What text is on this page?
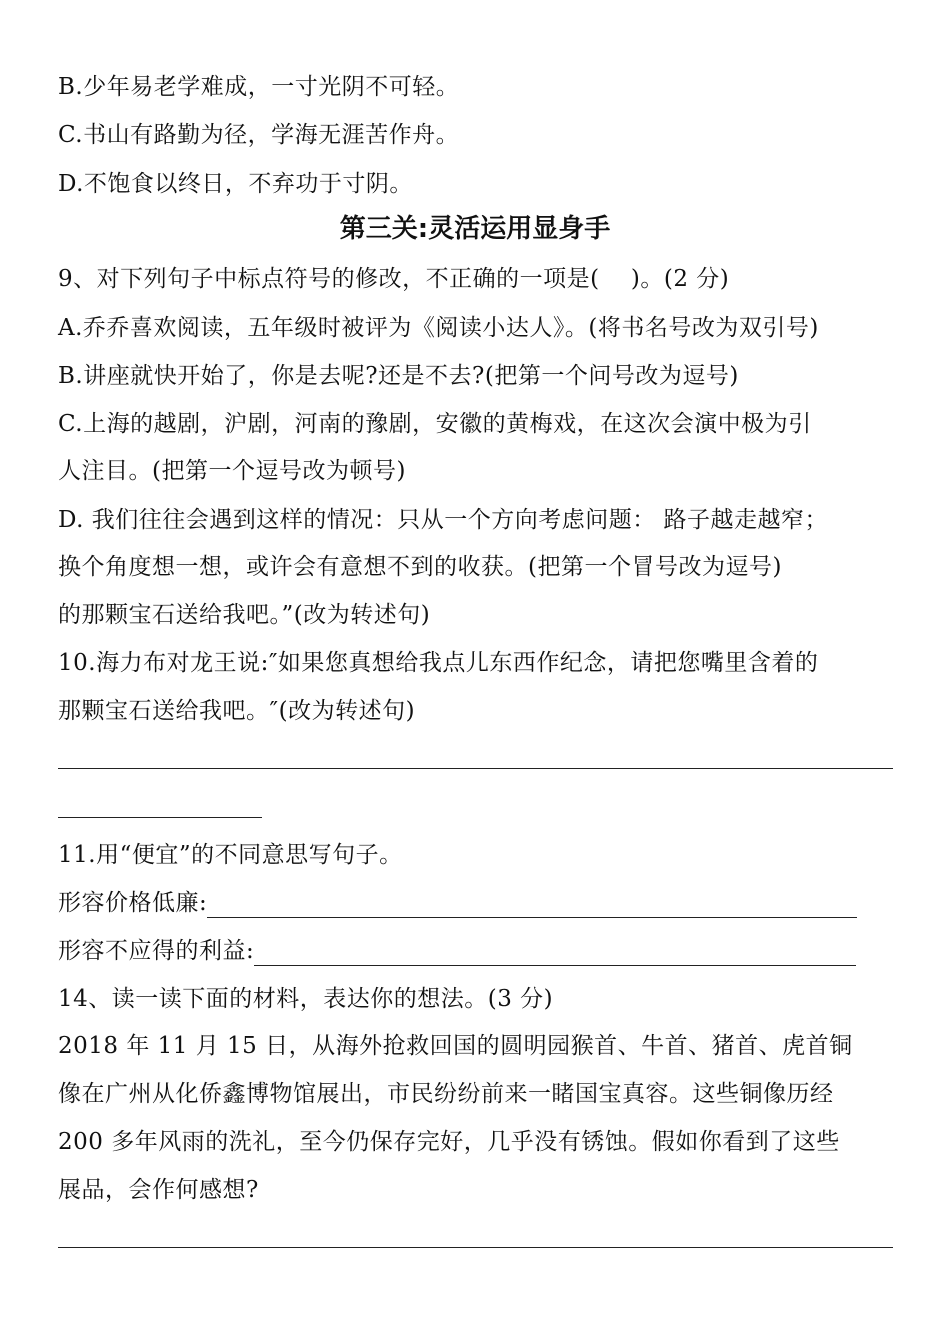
B.少年易老学难成，一寸光阴不可轻。
C.书山有路勤为径，学海无涯苦作舟。
D.不饱食以终日，不弃功于寸阴。
第三关:灵活运用显身手
9、对下列句子中标点符号的修改，不正确的一项是(　 )。(2 分)
A.乔乔喜欢阅读，五年级时被评为《阅读小达人》。(将书名号改为双引号)
B.讲座就快开始了，你是去呢?还是不去?(把第一个问号改为逗号)
C.上海的越剧，沪剧，河南的豫剧，安徽的黄梅戏，在这次会演中极为引
人注目。(把第一个逗号改为顿号)
D. 我们往往会遇到这样的情况：只从一个方向考虑问题： 路子越走越窄；
换个角度想一想，或许会有意想不到的收获。(把第一个冒号改为逗号)
的那颗宝石送给我吧。”(改为转述句)
10.海力布对龙王说:″如果您真想给我点儿东西作纪念，请把您嘴里含着的
那颗宝石送给我吧。″(改为转述句)
11.用“便宜”的不同意思写句子。
形容价格低廉:
形容不应得的利益:
14、读一读下面的材料，表达你的想法。(3 分)
2018 年 11 月 15 日，从海外抢救回国的圆明园猴首、牛首、猪首、虎首铜
像在广州从化侨鑫博物馆展出，市民纷纷前来一睹国宝真容。这些铜像历经
200 多年风雨的洗礼，至今仍保存完好，几乎没有锈蚀。假如你看到了这些
展品，会作何感想?
